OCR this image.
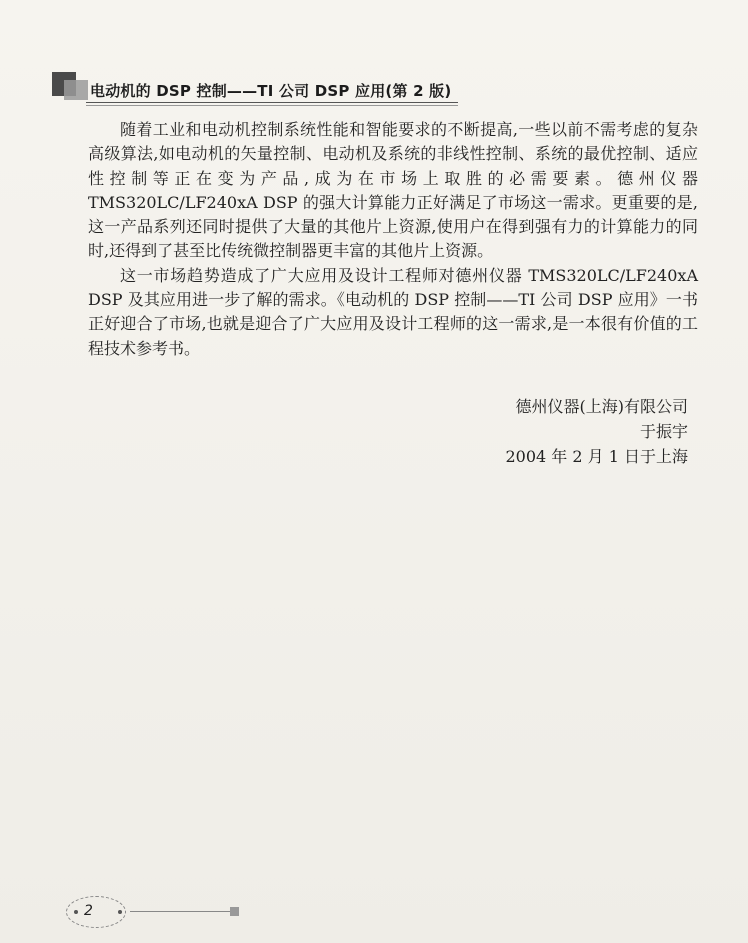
电动机的 DSP 控制——TI 公司 DSP 应用(第 2 版)

随着工业和电动机控制系统性能和智能要求的不断提高,一些以前不需考虑的复杂高级算法,如电动机的矢量控制、电动机及系统的非线性控制、系统的最优控制、适应性控制等正在变为产品,成为在市场上取胜的必需要素。德州仪器 TMS320LC/LF240xA DSP 的强大计算能力正好满足了市场这一需求。更重要的是,这一产品系列还同时提供了大量的其他片上资源,使用户在得到强有力的计算能力的同时,还得到了甚至比传统微控制器更丰富的其他片上资源。

这一市场趋势造成了广大应用及设计工程师对德州仪器 TMS320LC/LF240xA DSP 及其应用进一步了解的需求。《电动机的 DSP 控制——TI 公司 DSP 应用》一书正好迎合了市场,也就是迎合了广大应用及设计工程师的这一需求,是一本很有价值的工程技术参考书。

德州仪器(上海)有限公司
于振宇
2004 年 2 月 1 日于上海
2
